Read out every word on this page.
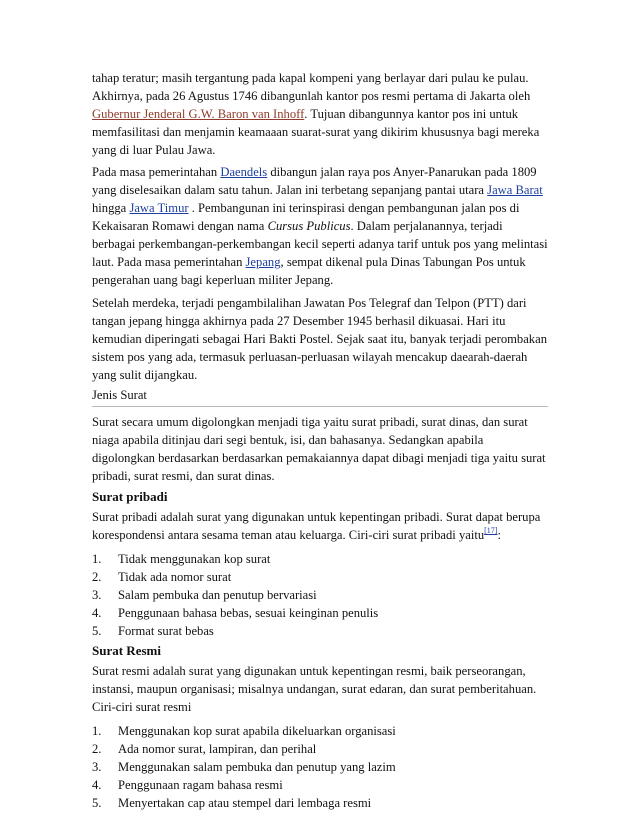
tahap teratur; masih tergantung pada kapal kompeni yang berlayar dari pulau ke pulau. Akhirnya, pada 26 Agustus 1746 dibangunlah kantor pos resmi pertama di Jakarta oleh Gubernur Jenderal G.W. Baron van Inhoff. Tujuan dibangunnya kantor pos ini untuk memfasilitasi dan menjamin keamaaan suarat-surat yang dikirim khususnya bagi mereka yang di luar Pulau Jawa.

Pada masa pemerintahan Daendels dibangun jalan raya pos Anyer-Panarukan pada 1809 yang diselesaikan dalam satu tahun. Jalan ini terbetang sepanjang pantai utara Jawa Barat hingga Jawa Timur . Pembangunan ini terinspirasi dengan pembangunan jalan pos di Kekaisaran Romawi dengan nama Cursus Publicus. Dalam perjalanannya, terjadi berbagai perkembangan-perkembangan kecil seperti adanya tarif untuk pos yang melintasi laut. Pada masa pemerintahan Jepang, sempat dikenal pula Dinas Tabungan Pos untuk pengerahan uang bagi keperluan militer Jepang.

Setelah merdeka, terjadi pengambilalihan Jawatan Pos Telegraf dan Telpon (PTT) dari tangan jepang hingga akhirnya pada 27 Desember 1945 berhasil dikuasai. Hari itu kemudian diperingati sebagai Hari Bakti Postel. Sejak saat itu, banyak terjadi perombakan sistem pos yang ada, termasuk perluasan-perluasan wilayah mencakup daearah-daerah yang sulit dijangkau.

Jenis Surat

Surat secara umum digolongkan menjadi tiga yaitu surat pribadi, surat dinas, dan surat niaga apabila ditinjau dari segi bentuk, isi, dan bahasanya. Sedangkan apabila digolongkan berdasarkan berdasarkan pemakaiannya dapat dibagi menjadi tiga yaitu surat pribadi, surat resmi, dan surat dinas.

Surat pribadi

Surat pribadi adalah surat yang digunakan untuk kepentingan pribadi. Surat dapat berupa korespondensi antara sesama teman atau keluarga. Ciri-ciri surat pribadi yaitu[17]:

1.	Tidak menggunakan kop surat
2.	Tidak ada nomor surat
3.	Salam pembuka dan penutup bervariasi
4.	Penggunaan bahasa bebas, sesuai keinginan penulis
5.	Format surat bebas
Surat Resmi

Surat resmi adalah surat yang digunakan untuk kepentingan resmi, baik perseorangan, instansi, maupun organisasi; misalnya undangan, surat edaran, dan surat pemberitahuan. Ciri-ciri surat resmi

1.	Menggunakan kop surat apabila dikeluarkan organisasi
2.	Ada nomor surat, lampiran, dan perihal
3.	Menggunakan salam pembuka dan penutup yang lazim
4.	Penggunaan ragam bahasa resmi
5.	Menyertakan cap atau stempel dari lembaga resmi
